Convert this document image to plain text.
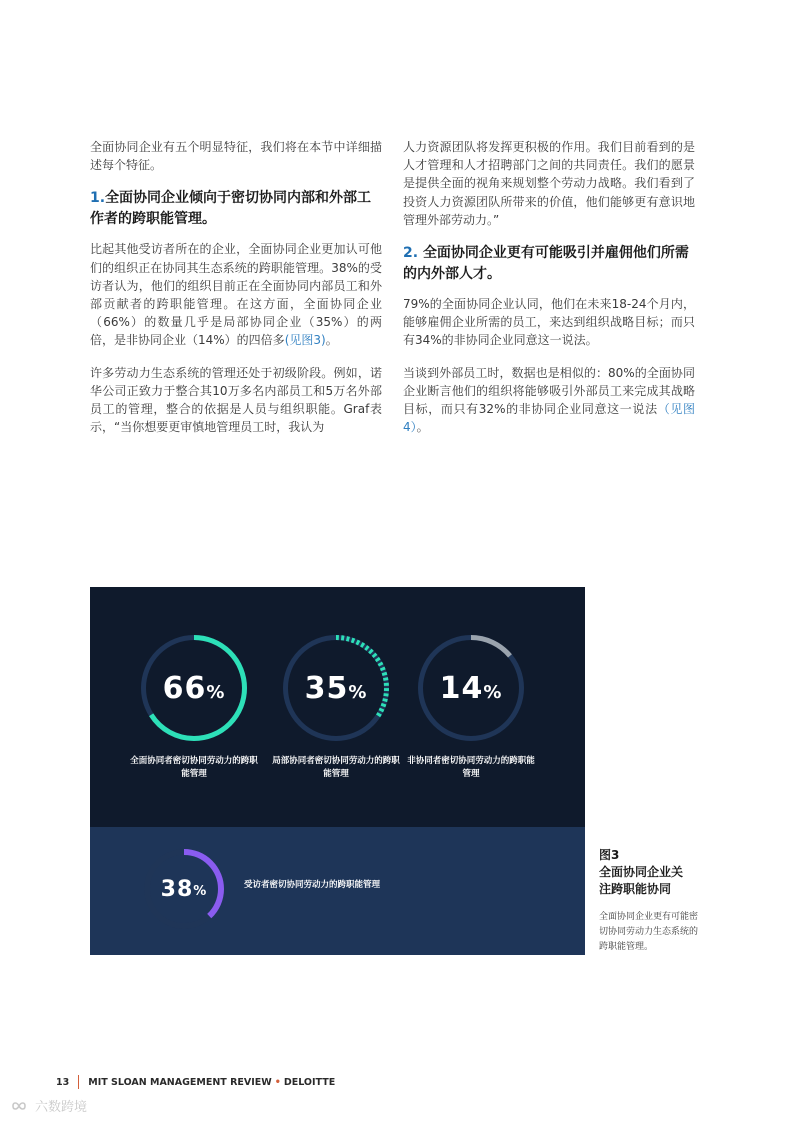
全面协同企业有五个明显特征，我们将在本节中详细描述每个特征。

1.全面协同企业倾向于密切协同内部和外部工作者的跨职能管理。

比起其他受访者所在的企业，全面协同企业更加认可他们的组织正在协同其生态系统的跨职能管理。38%的受访者认为，他们的组织目前正在全面协同内部员工和外部贡献者的跨职能管理。在这方面，全面协同企业（66%）的数量几乎是局部协同企业（35%）的两倍，是非协同企业（14%）的四倍多(见图3)。

许多劳动力生态系统的管理还处于初级阶段。例如，诺华公司正致力于整合其10万多名内部员工和5万名外部员工的管理，整合的依据是人员与组织职能。Graf表示，“当你想要更审慎地管理员工时，我认为

人力资源团队将发挥更积极的作用。我们目前看到的是人才管理和人才招聘部门之间的共同责任。我们的愿景是提供全面的视角来规划整个劳动力战略。我们看到了投资人力资源团队所带来的价值，他们能够更有意识地管理外部劳动力。”

2. 全面协同企业更有可能吸引并雇佣他们所需的内外部人才。

79%的全面协同企业认同，他们在未来18-24个月内，能够雇佣企业所需的员工，来达到组织战略目标；而只有34%的非协同企业同意这一说法。

当谈到外部员工时，数据也是相似的：80%的全面协同企业断言他们的组织将能够吸引外部员工来完成其战略目标，而只有32%的非协同企业同意这一说法（见图4）。

66 %
全面协同者密切协同劳动力的跨职能管理
35 %
局部协同者密切协同劳动力的跨职能管理
14 %
非协同者密切协同劳动力的跨职能管理
38 %	受访者密切协同劳动力的跨职能管理

图3

全面协同企业关注跨职能协同

全面协同企业更有可能密切协同劳动力生态系统的跨职能管理。

13 MIT SLOAN MANAGEMENT REVIEW • DELOITTE
六数跨境
